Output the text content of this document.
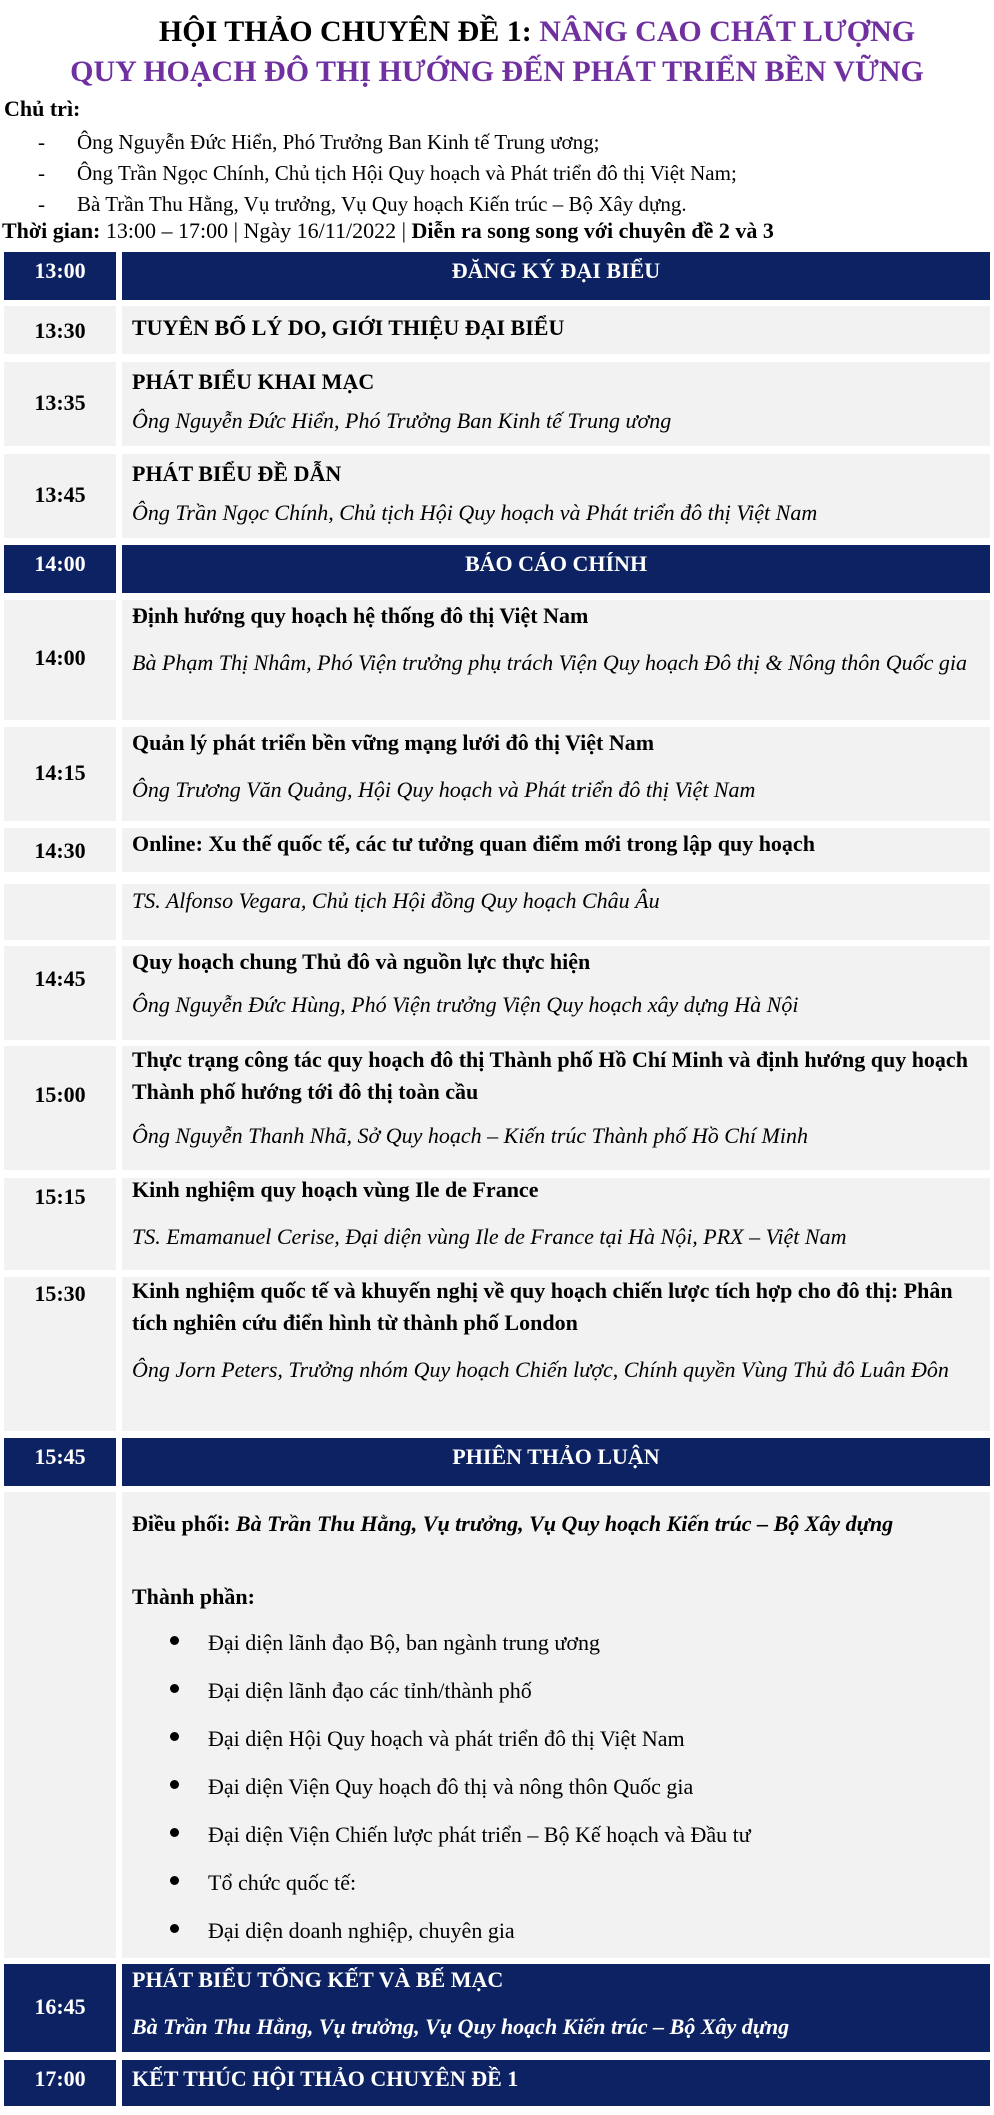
HỘI THẢO CHUYÊN ĐỀ 1: NÂNG CAO CHẤT LƯỢNG
QUY HOẠCH ĐÔ THỊ HƯỚNG ĐẾN PHÁT TRIỂN BỀN VỮNG
Chủ trì:
- Ông Nguyễn Đức Hiển, Phó Trưởng Ban Kinh tế Trung ương;
- Ông Trần Ngọc Chính, Chủ tịch Hội Quy hoạch và Phát triển đô thị Việt Nam;
- Bà Trần Thu Hằng, Vụ trưởng, Vụ Quy hoạch Kiến trúc – Bộ Xây dựng.
Thời gian: 13:00 – 17:00 | Ngày 16/11/2022 | Diễn ra song song với chuyên đề 2 và 3
13:00	ĐĂNG KÝ ĐẠI BIỂU
13:30	TUYÊN BỐ LÝ DO, GIỚI THIỆU ĐẠI BIỂU
13:35
PHÁT BIỂU KHAI MẠC
Ông Nguyễn Đức Hiển, Phó Trưởng Ban Kinh tế Trung ương
13:45
PHÁT BIỂU ĐỀ DẪN
Ông Trần Ngọc Chính, Chủ tịch Hội Quy hoạch và Phát triển đô thị Việt Nam
14:00	BÁO CÁO CHÍNH
14:00
Định hướng quy hoạch hệ thống đô thị Việt Nam
Bà Phạm Thị Nhâm, Phó Viện trưởng phụ trách Viện Quy hoạch Đô thị & Nông thôn Quốc gia
14:15
Quản lý phát triển bền vững mạng lưới đô thị Việt Nam
Ông Trương Văn Quảng, Hội Quy hoạch và Phát triển đô thị Việt Nam
14:30	Online: Xu thế quốc tế, các tư tưởng quan điểm mới trong lập quy hoạch
TS. Alfonso Vegara, Chủ tịch Hội đồng Quy hoạch Châu Âu
14:45
Quy hoạch chung Thủ đô và nguồn lực thực hiện
Ông Nguyễn Đức Hùng, Phó Viện trưởng Viện Quy hoạch xây dựng Hà Nội
15:00
Thực trạng công tác quy hoạch đô thị Thành phố Hồ Chí Minh và định hướng quy hoạch Thành phố hướng tới đô thị toàn cầu
Ông Nguyễn Thanh Nhã, Sở Quy hoạch – Kiến trúc Thành phố Hồ Chí Minh
15:15	Kinh nghiệm quy hoạch vùng Ile de France
TS. Emamanuel Cerise, Đại diện vùng Ile de France tại Hà Nội, PRX – Việt Nam
15:30	Kinh nghiệm quốc tế và khuyến nghị về quy hoạch chiến lược tích hợp cho đô thị: Phân tích nghiên cứu điển hình từ thành phố London
Ông Jorn Peters, Trưởng nhóm Quy hoạch Chiến lược, Chính quyền Vùng Thủ đô Luân Đôn
15:45	PHIÊN THẢO LUẬN
Điều phối: Bà Trần Thu Hằng, Vụ trưởng, Vụ Quy hoạch Kiến trúc – Bộ Xây dựng
Thành phần:
Đại diện lãnh đạo Bộ, ban ngành trung ương
Đại diện lãnh đạo các tỉnh/thành phố
Đại diện Hội Quy hoạch và phát triển đô thị Việt Nam
Đại diện Viện Quy hoạch đô thị và nông thôn Quốc gia
Đại diện Viện Chiến lược phát triển – Bộ Kế hoạch và Đầu tư
Tổ chức quốc tế:
Đại diện doanh nghiệp, chuyên gia
16:45
PHÁT BIỂU TỔNG KẾT VÀ BẾ MẠC
Bà Trần Thu Hằng, Vụ trưởng, Vụ Quy hoạch Kiến trúc – Bộ Xây dựng
17:00	KẾT THÚC HỘI THẢO CHUYÊN ĐỀ 1
